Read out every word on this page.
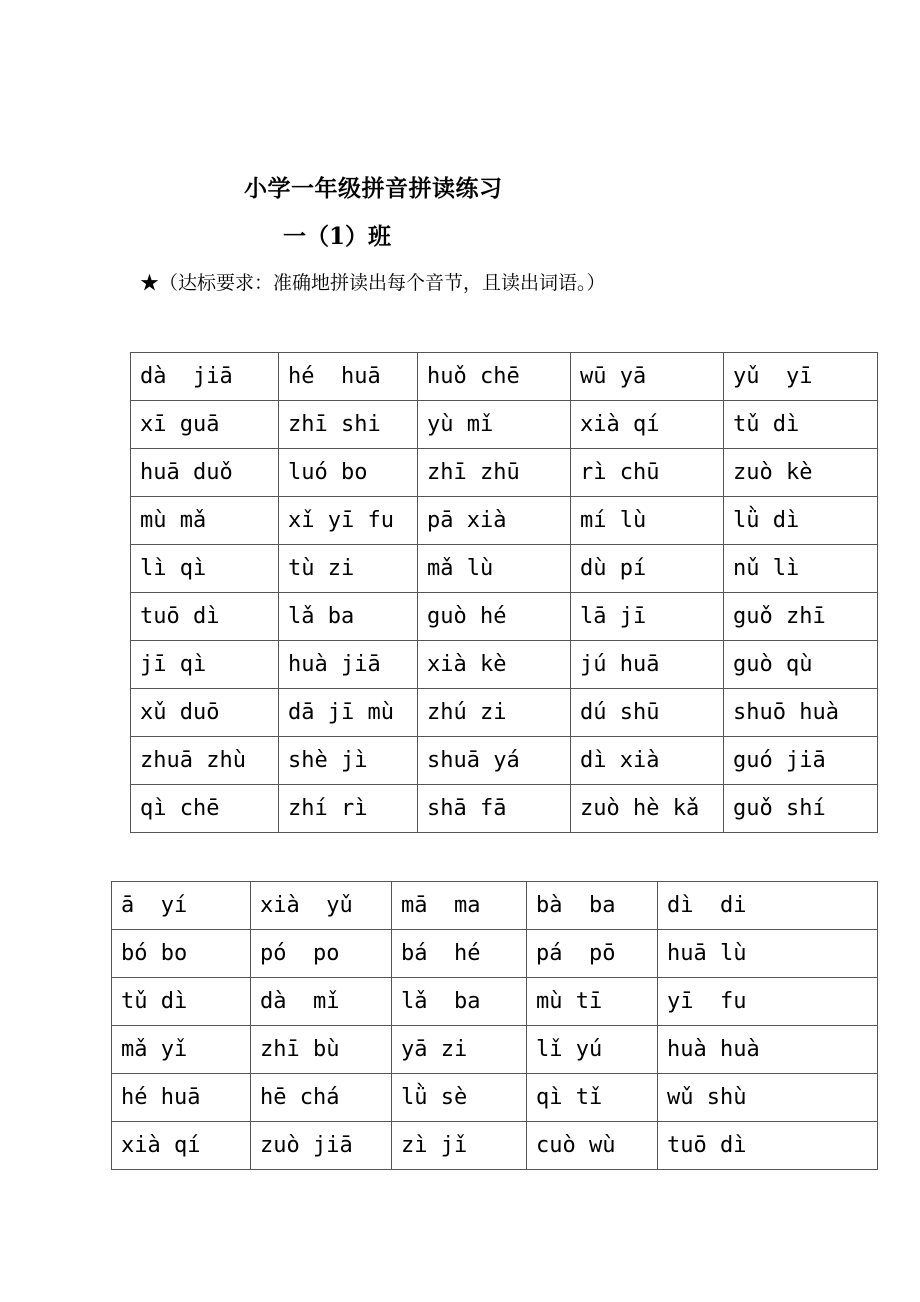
小学一年级拼音拼读练习
一（1）班
★（达标要求：准确地拼读出每个音节，且读出词语。）
dà  jiā	hé  huā	huǒ chē	wū yā	yǔ  yī
xī guā	zhī shi	yù mǐ	xià qí	tǔ dì
huā duǒ	luó bo	zhī zhū	rì chū	zuò kè
mù mǎ	xǐ yī fu	pā xià	mí lù	lǜ dì
lì qì	tù zi	mǎ lù	dù pí	nǔ lì
tuō dì	lǎ ba	guò hé	lā jī	guǒ zhī
jī qì	huà jiā	xià kè	jú huā	guò qù
xǔ duō	dā jī mù	zhú zi	dú shū	shuō huà
zhuā zhù	shè jì	shuā yá	dì xià	guó jiā
qì chē	zhí rì	shā fā	zuò hè kǎ	guǒ shí
ā  yí	xià  yǔ	mā  ma	bà  ba	dì  di
bó bo	pó  po	bá  hé	pá  pō	huā lù
tǔ dì	dà  mǐ	lǎ  ba	mù tī	yī  fu
mǎ yǐ	zhī bù	yā zi	lǐ yú	huà huà
hé huā	hē chá	lǜ sè	qì tǐ	wǔ shù
xià qí	zuò jiā	zì jǐ	cuò wù	tuō dì
